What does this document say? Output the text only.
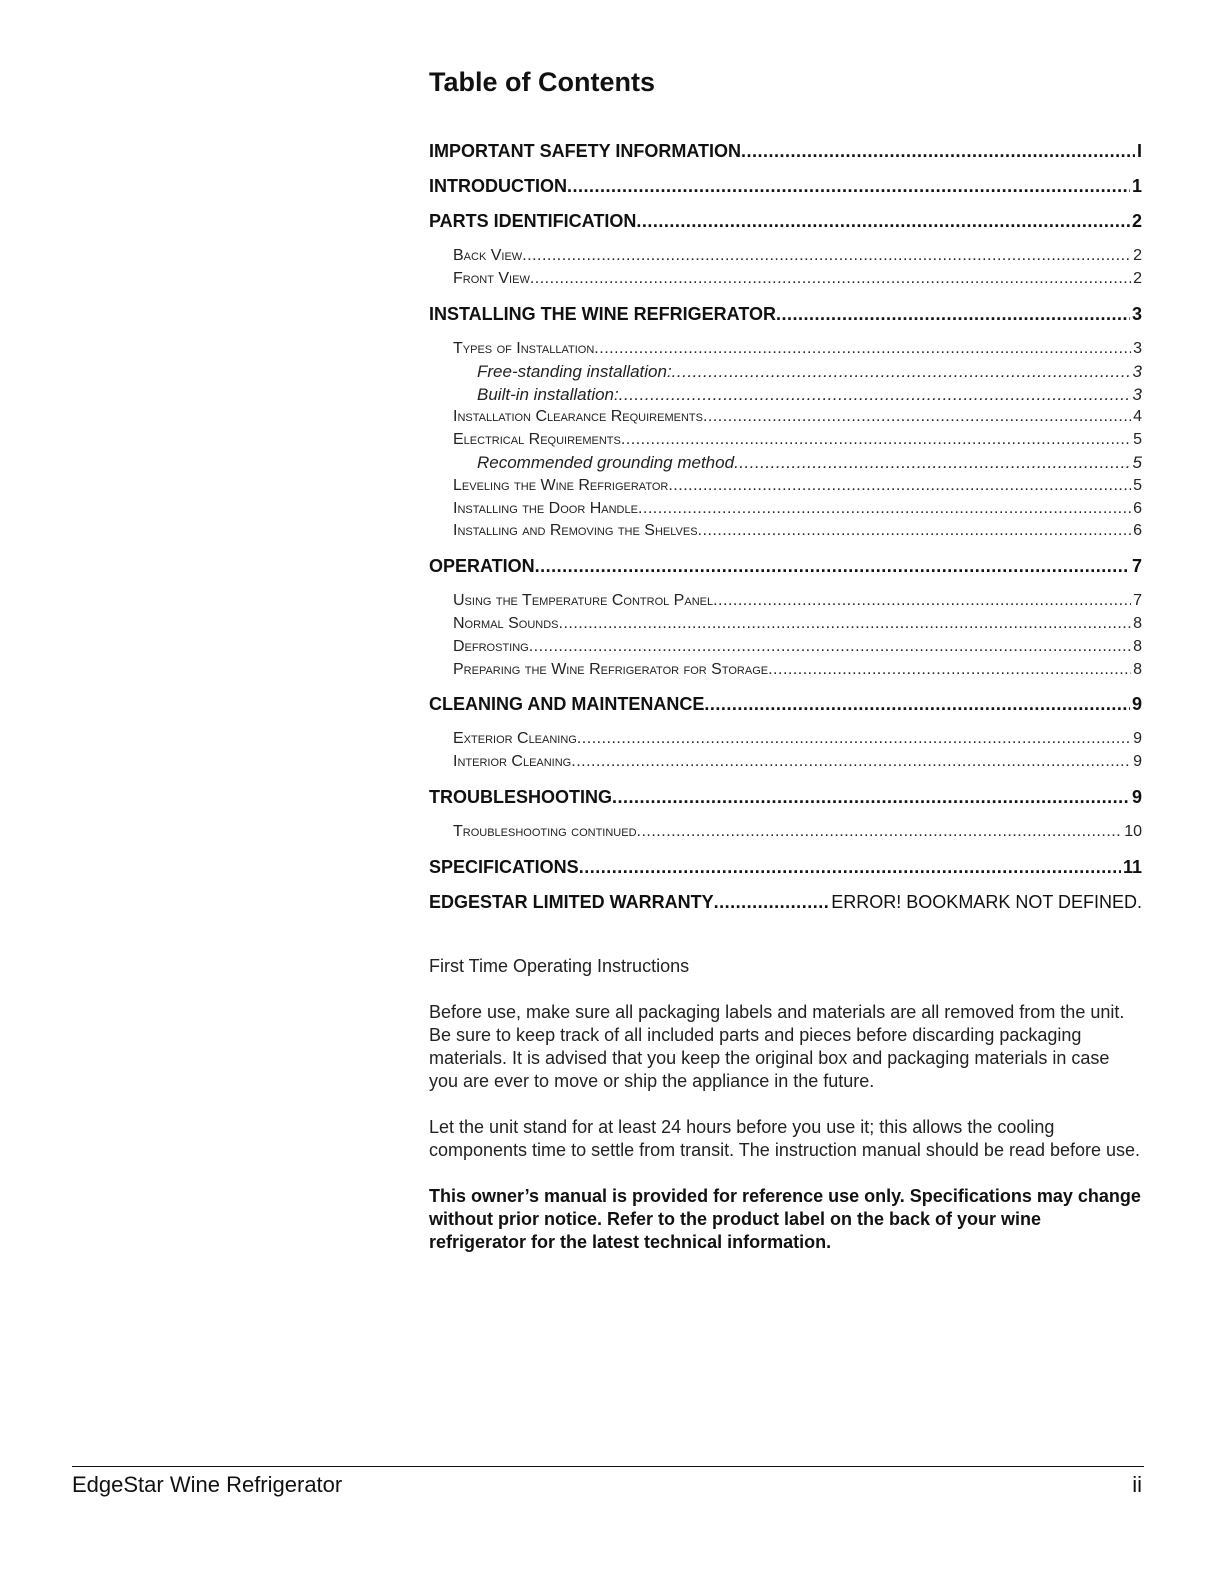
Table of Contents
IMPORTANT SAFETY INFORMATION .....	I
INTRODUCTION .....	1
PARTS IDENTIFICATION .....	2
Back View .....	2
Front View .....	2
INSTALLING THE WINE REFRIGERATOR .....	3
Types of Installation .....	3
Free-standing installation: .....	3
Built-in installation: .....	3
Installation Clearance Requirements .....	4
Electrical Requirements .....	5
Recommended grounding method .....	5
Leveling the Wine Refrigerator .....	5
Installing the Door Handle .....	6
Installing and Removing the Shelves .....	6
OPERATION .....	7
Using the Temperature Control Panel .....	7
Normal Sounds .....	8
Defrosting .....	8
Preparing the Wine Refrigerator for Storage .....	8
CLEANING AND MAINTENANCE .....	9
Exterior Cleaning .....	9
Interior Cleaning .....	9
TROUBLESHOOTING .....	9
Troubleshooting continued .....	10
SPECIFICATIONS .....	11
EDGESTAR LIMITED WARRANTY .....	ERROR! BOOKMARK NOT DEFINED.
First Time Operating Instructions

Before use, make sure all packaging labels and materials are all removed from the unit. Be sure to keep track of all included parts and pieces before discarding packaging materials. It is advised that you keep the original box and packaging materials in case you are ever to move or ship the appliance in the future.

Let the unit stand for at least 24 hours before you use it; this allows the cooling components time to settle from transit. The instruction manual should be read before use.

This owner’s manual is provided for reference use only. Specifications may change without prior notice. Refer to the product label on the back of your wine refrigerator for the latest technical information.

EdgeStar Wine Refrigerator	ii
